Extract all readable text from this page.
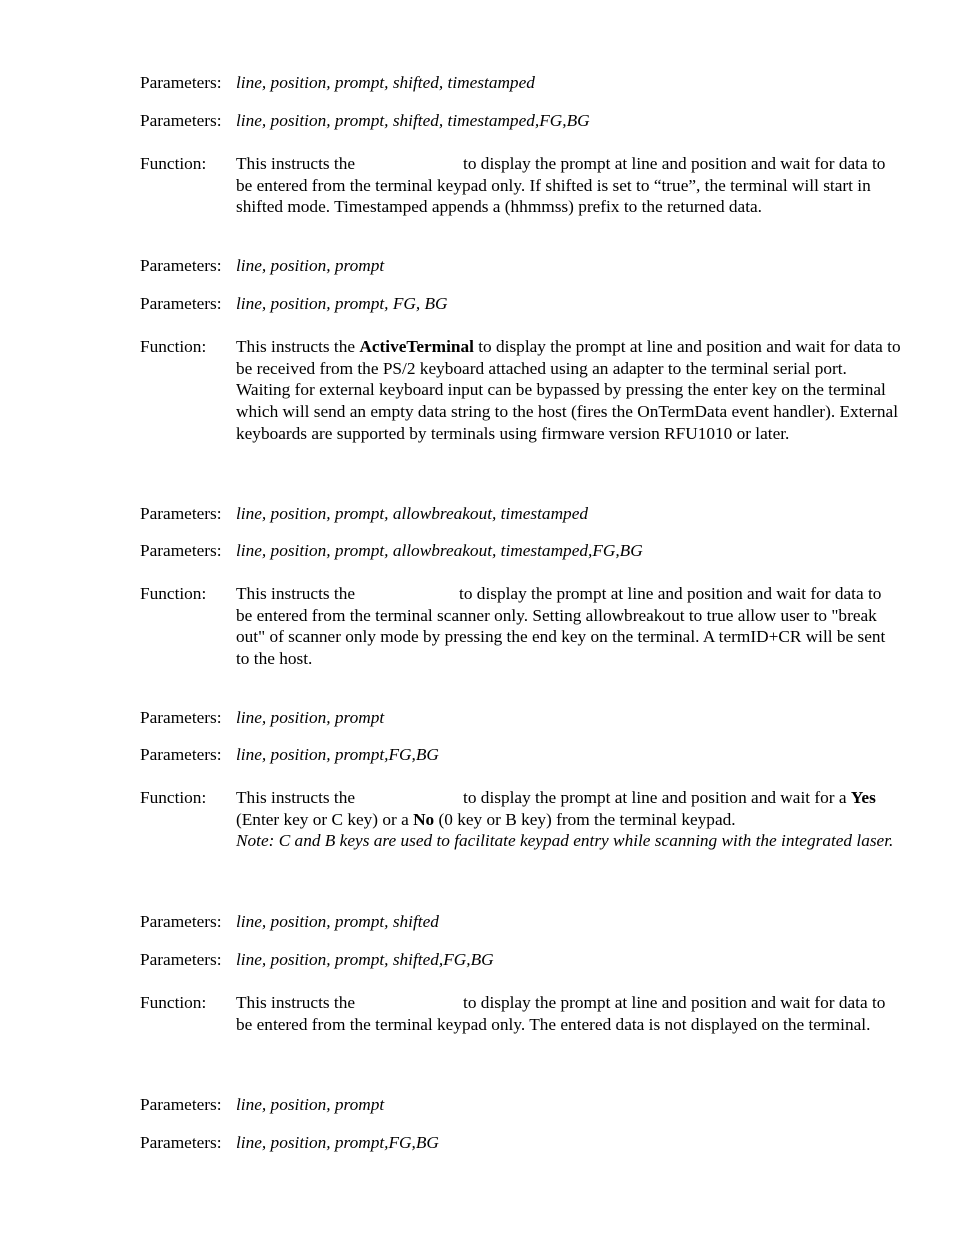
Parameters: line, position, prompt, shifted, timestamped
Parameters: line, position, prompt, shifted, timestamped,FG,BG
Function: This instructs the	to display the prompt at line and position and wait for data to be entered from the terminal keypad only. If shifted is set to “true”, the terminal will start in shifted mode. Timestamped appends a (hhmmss) prefix to the returned data.
Parameters: line, position, prompt
Parameters: line, position, prompt, FG, BG
Function: This instructs the ActiveTerminal to display the prompt at line and position and wait for data to be received from the PS/2 keyboard attached using an adapter to the terminal serial port. Waiting for external keyboard input can be bypassed by pressing the enter key on the terminal which will send an empty data string to the host (fires the OnTermData event handler). External keyboards are supported by terminals using firmware version RFU1010 or later.
Parameters: line, position, prompt, allowbreakout, timestamped
Parameters: line, position, prompt, allowbreakout, timestamped,FG,BG
Function: This instructs the	to display the prompt at line and position and wait for data to be entered from the terminal scanner only. Setting allowbreakout to true allow user to "break out" of scanner only mode by pressing the end key on the terminal. A termID+CR will be sent to the host.
Parameters: line, position, prompt
Parameters: line, position, prompt,FG,BG
Function: This instructs the	to display the prompt at line and position and wait for a Yes (Enter key or C key) or a No (0 key or B key) from the terminal keypad.
Note: C and B keys are used to facilitate keypad entry while scanning with the integrated laser.
Parameters: line, position, prompt, shifted
Parameters: line, position, prompt, shifted,FG,BG
Function: This instructs the	to display the prompt at line and position and wait for data to be entered from the terminal keypad only. The entered data is not displayed on the terminal.
Parameters: line, position, prompt
Parameters: line, position, prompt,FG,BG
